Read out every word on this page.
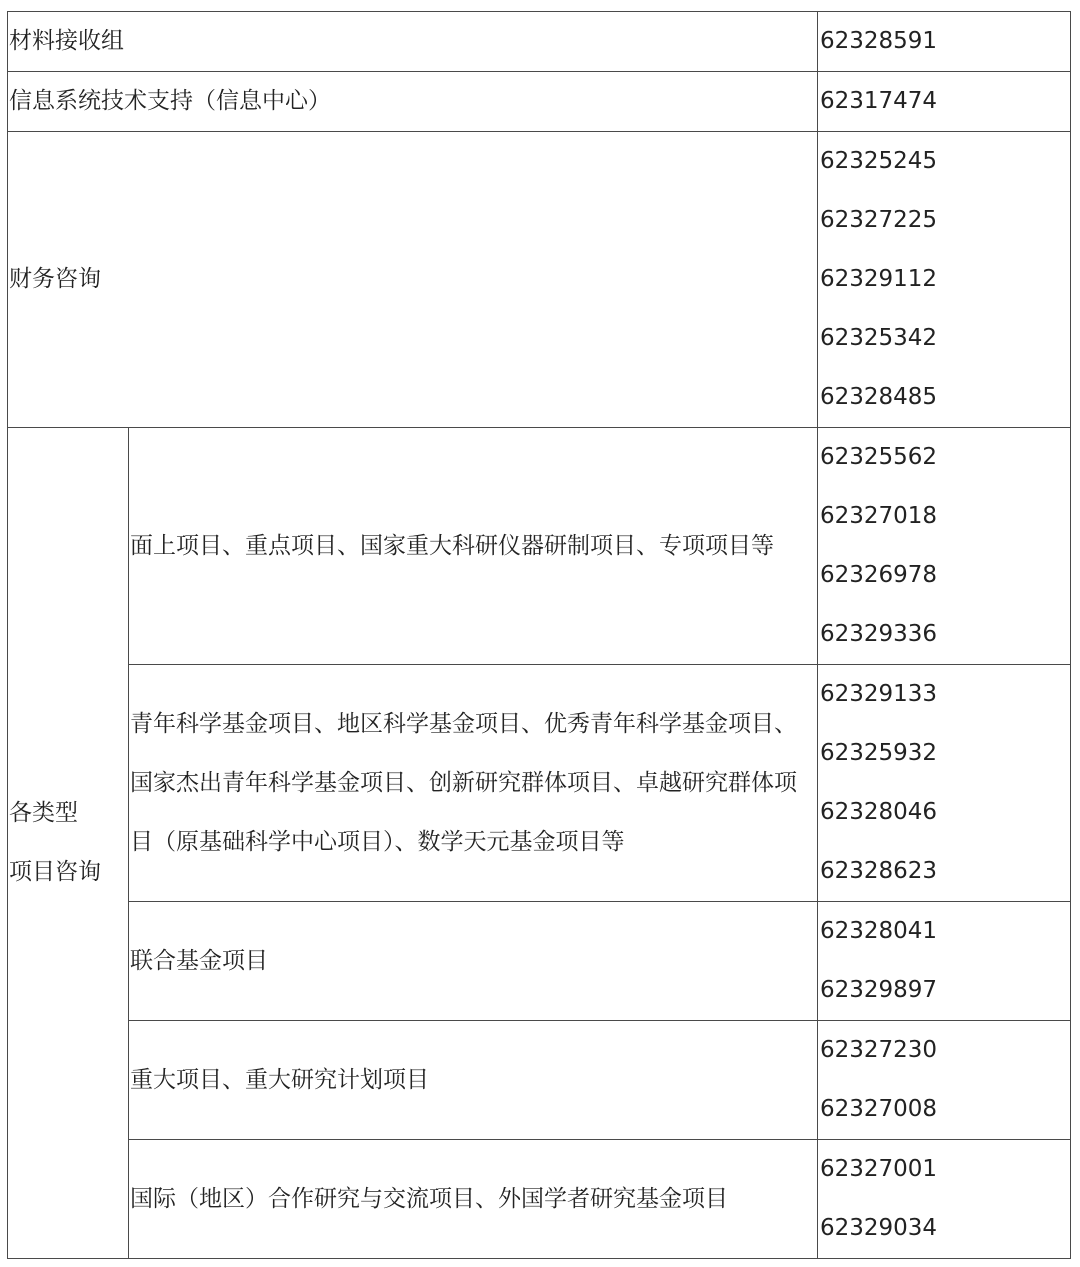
材料接收组		62328591

信息系统技术支持（信息中心）		62317474

财务咨询		62325245
62327225
62329112
62325342
62328485

各类型
项目咨询	面上项目、重点项目、国家重大科研仪器研制项目、专项项目等	62325562
62327018
62326978
62329336

	青年科学基金项目、地区科学基金项目、优秀青年科学基金项目、
国家杰出青年科学基金项目、创新研究群体项目、卓越研究群体项
目（原基础科学中心项目）、数学天元基金项目等	62329133
62325932
62328046
62328623

	联合基金项目	62328041
62329897

	重大项目、重大研究计划项目	62327230
62327008

	国际（地区）合作研究与交流项目、外国学者研究基金项目	62327001
62329034
